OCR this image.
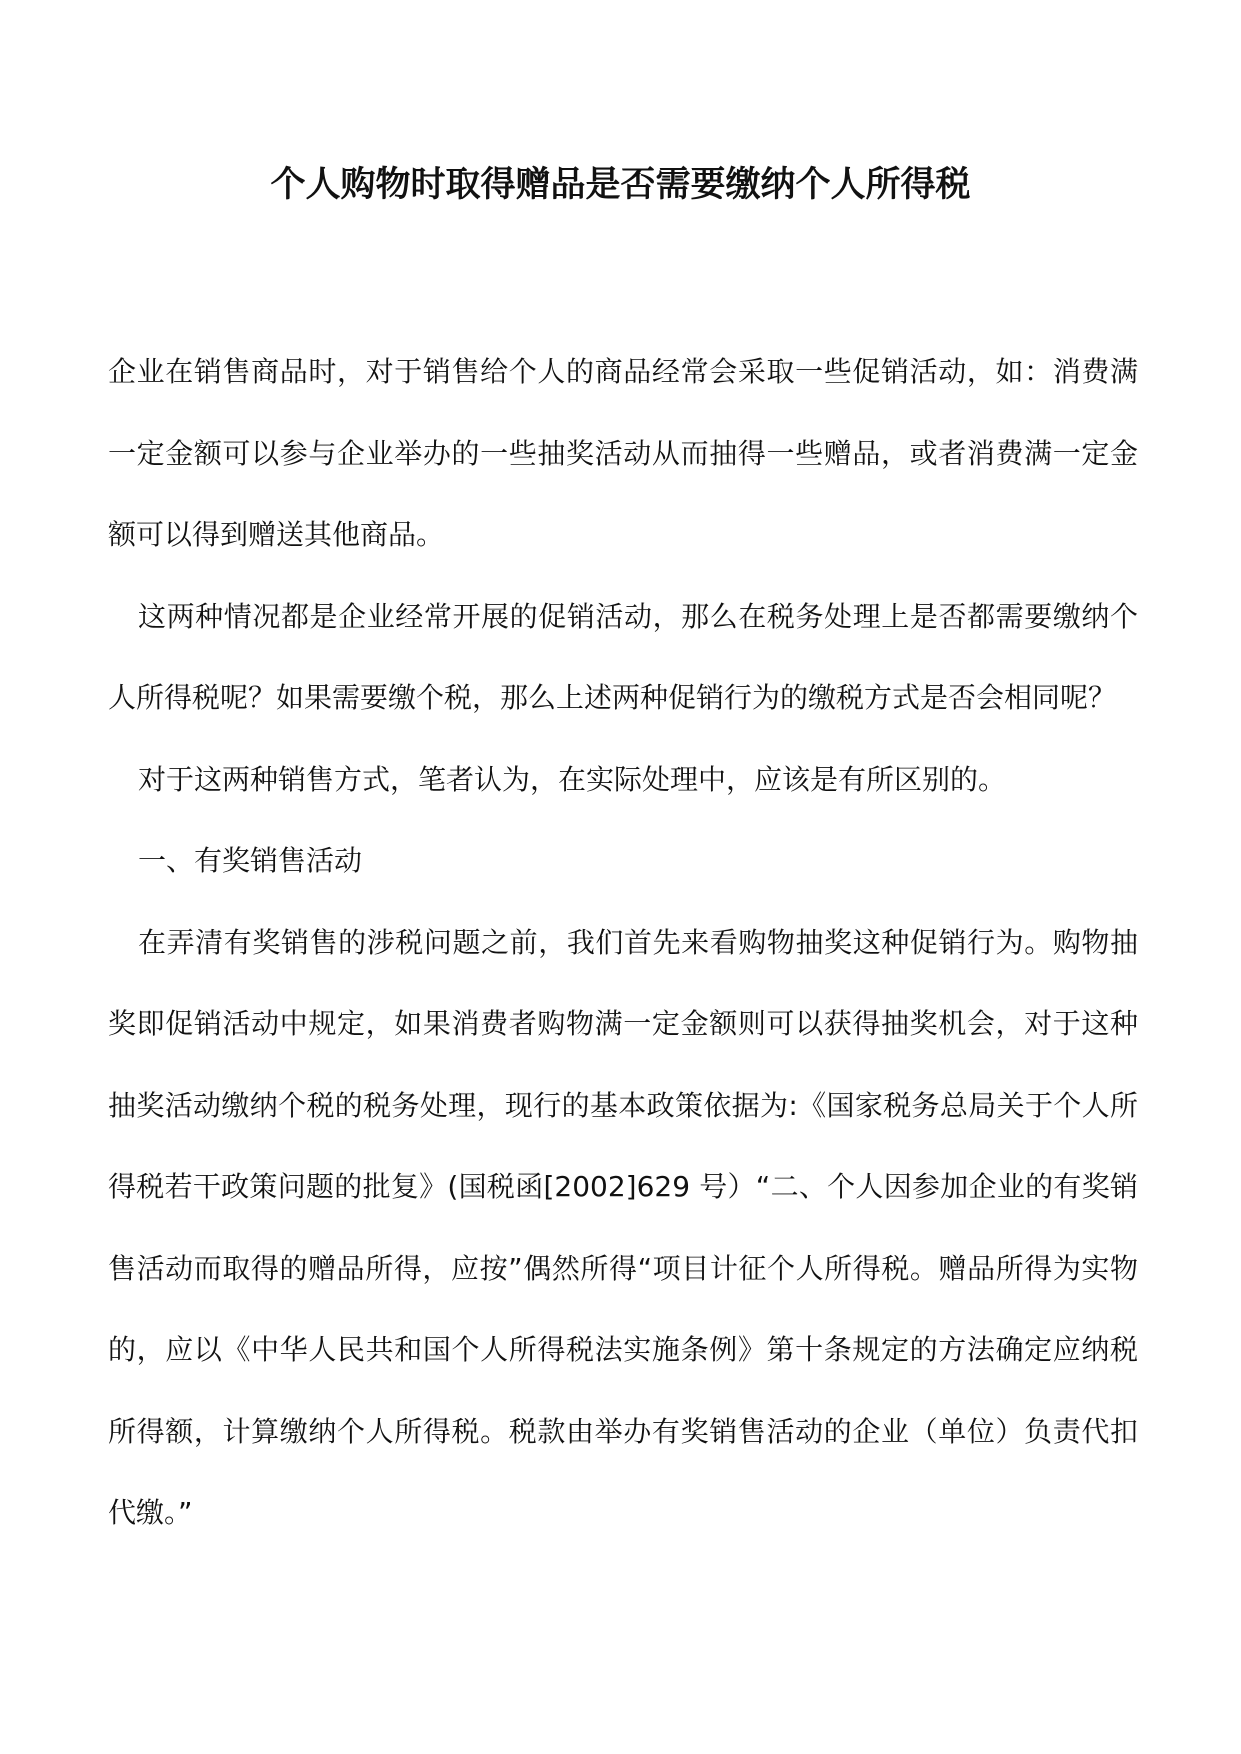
个人购物时取得赠品是否需要缴纳个人所得税

企业在销售商品时，对于销售给个人的商品经常会采取一些促销活动，如：消费满一定金额可以参与企业举办的一些抽奖活动从而抽得一些赠品，或者消费满一定金额可以得到赠送其他商品。

这两种情况都是企业经常开展的促销活动，那么在税务处理上是否都需要缴纳个人所得税呢？如果需要缴个税，那么上述两种促销行为的缴税方式是否会相同呢？

对于这两种销售方式，笔者认为，在实际处理中，应该是有所区别的。

一、有奖销售活动

在弄清有奖销售的涉税问题之前，我们首先来看购物抽奖这种促销行为。购物抽奖即促销活动中规定，如果消费者购物满一定金额则可以获得抽奖机会，对于这种抽奖活动缴纳个税的税务处理，现行的基本政策依据为:《国家税务总局关于个人所得税若干政策问题的批复》(国税函[2002]629 号）“二、个人因参加企业的有奖销售活动而取得的赠品所得，应按”偶然所得“项目计征个人所得税。赠品所得为实物的，应以《中华人民共和国个人所得税法实施条例》第十条规定的方法确定应纳税所得额，计算缴纳个人所得税。税款由举办有奖销售活动的企业（单位）负责代扣代缴。”
